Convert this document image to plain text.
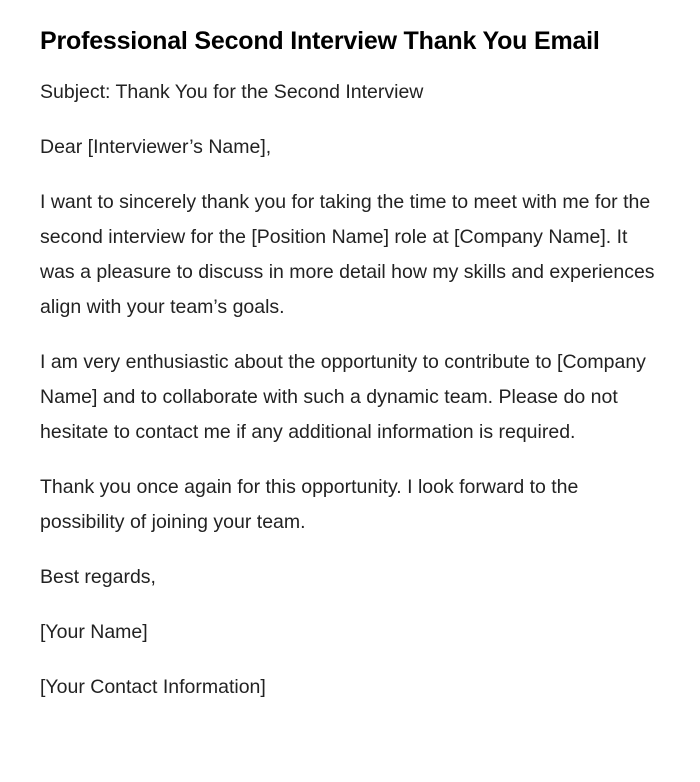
Professional Second Interview Thank You Email

Subject: Thank You for the Second Interview

Dear [Interviewer’s Name],

I want to sincerely thank you for taking the time to meet with me for the second interview for the [Position Name] role at [Company Name]. It was a pleasure to discuss in more detail how my skills and experiences align with your team’s goals.

I am very enthusiastic about the opportunity to contribute to [Company Name] and to collaborate with such a dynamic team. Please do not hesitate to contact me if any additional information is required.

Thank you once again for this opportunity. I look forward to the possibility of joining your team.

Best regards,

[Your Name]

[Your Contact Information]
